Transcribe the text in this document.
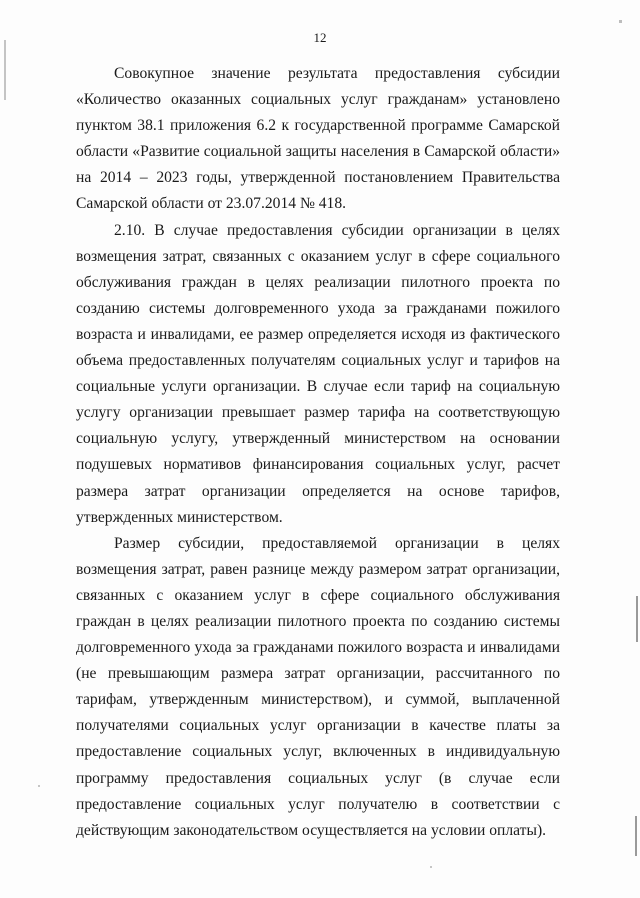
12

Совокупное значение результата предоставления субсидии «Количество оказанных социальных услуг гражданам» установлено пунктом 38.1 приложения 6.2 к государственной программе Самарской области «Развитие социальной защиты населения в Самарской области» на 2014 – 2023 годы, утвержденной постановлением Правительства Самарской области от 23.07.2014 № 418.

2.10. В случае предоставления субсидии организации в целях возмещения затрат, связанных с оказанием услуг в сфере социального обслуживания граждан в целях реализации пилотного проекта по созданию системы долговременного ухода за гражданами пожилого возраста и инвалидами, ее размер определяется исходя из фактического объема предоставленных получателям социальных услуг и тарифов на социальные услуги организации. В случае если тариф на социальную услугу организации превышает размер тарифа на соответствующую социальную услугу, утвержденный министерством на основании подушевых нормативов финансирования социальных услуг, расчет размера затрат организации определяется на основе тарифов, утвержденных министерством.

Размер субсидии, предоставляемой организации в целях возмещения затрат, равен разнице между размером затрат организации, связанных с оказанием услуг в сфере социального обслуживания граждан в целях реализации пилотного проекта по созданию системы долговременного ухода за гражданами пожилого возраста и инвалидами (не превышающим размера затрат организации, рассчитанного по тарифам, утвержденным министерством), и суммой, выплаченной получателями социальных услуг организации в качестве платы за предоставление социальных услуг, включенных в индивидуальную программу предоставления социальных услуг (в случае если предоставление социальных услуг получателю в соответствии с действующим законодательством осуществляется на условии оплаты).
